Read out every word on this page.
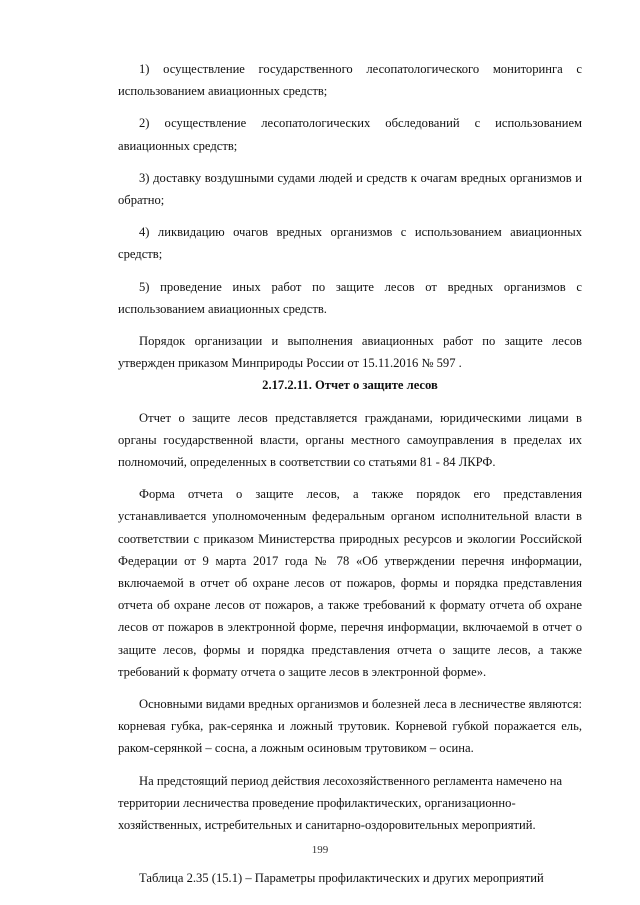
1) осуществление государственного лесопатологического мониторинга с использованием авиационных средств;

2) осуществление лесопатологических обследований с использованием авиационных средств;

3) доставку воздушными судами людей и средств к очагам вредных организмов и обратно;

4) ликвидацию очагов вредных организмов с использованием авиационных средств;

5) проведение иных работ по защите лесов от вредных организмов с использованием авиационных средств.

Порядок организации и выполнения авиационных работ по защите лесов утвержден приказом Минприроды России от 15.11.2016 № 597 .

2.17.2.11. Отчет о защите лесов

Отчет о защите лесов представляется гражданами, юридическими лицами в органы государственной власти, органы местного самоуправления в пределах их полномочий, определенных в соответствии со статьями 81 - 84 ЛКРФ.

Форма отчета о защите лесов, а также порядок его представления устанавливается уполномоченным федеральным органом исполнительной власти в соответствии с приказом Министерства природных ресурсов и экологии Российской Федерации от 9 марта 2017 года № 78 «Об утверждении перечня информации, включаемой в отчет об охране лесов от пожаров, формы и порядка представления отчета об охране лесов от пожаров, а также требований к формату отчета об охране лесов от пожаров в электронной форме, перечня информации, включаемой в отчет о защите лесов, формы и порядка представления отчета о защите лесов, а также требований к формату отчета о защите лесов в электронной форме».

Основными видами вредных организмов и болезней леса в лесничестве являются: корневая губка, рак-серянка и ложный трутовик. Корневой губкой поражается ель, раком-серянкой – сосна, а ложным осиновым трутовиком – осина.

На предстоящий период действия лесохозяйственного регламента намечено на территории лесничества проведение профилактических, организационно-хозяйственных, истребительных и санитарно-оздоровительных мероприятий.

Таблица 2.35 (15.1) – Параметры профилактических и других мероприятий

199
